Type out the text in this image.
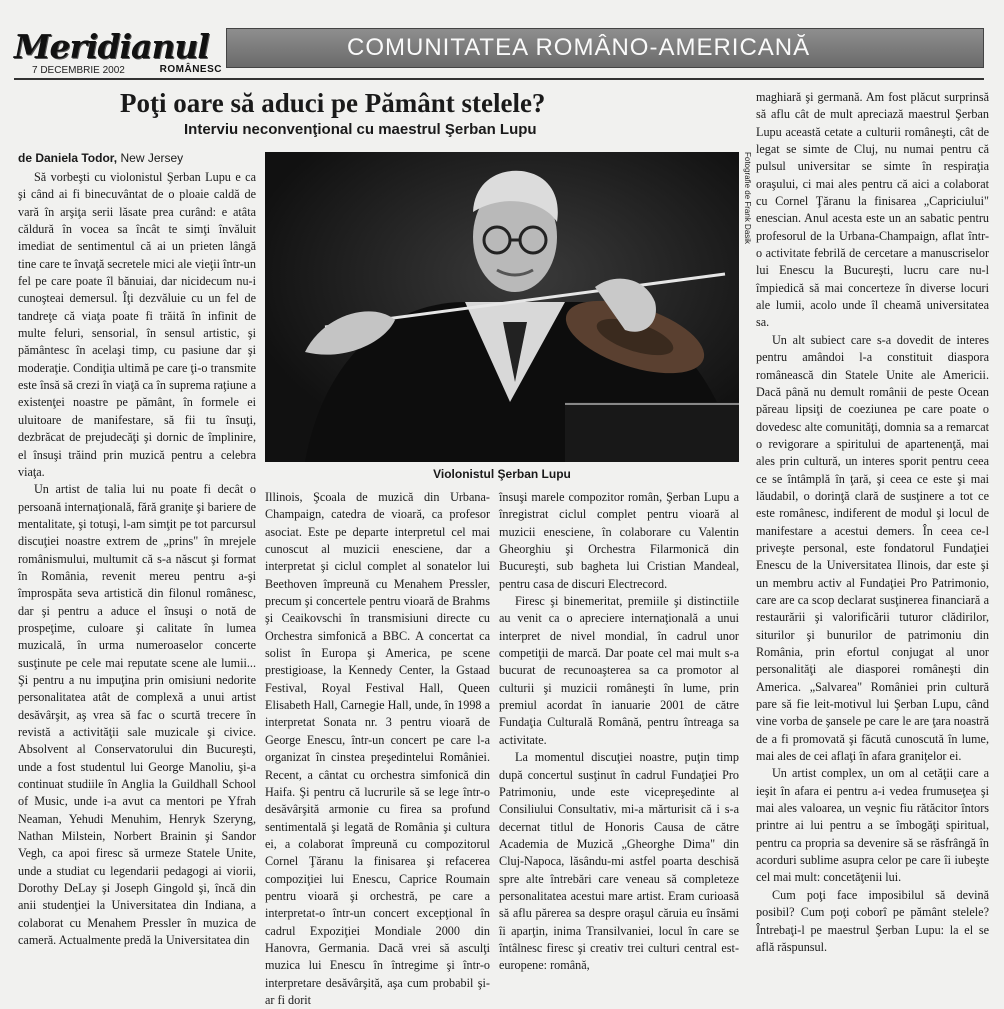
Meridianul
7 DECEMBRIE 2002	ROMÂNESC
COMUNITATEA ROMÂNO-AMERICANĂ
Poţi oare să aduci pe Pământ stelele?
Interviu neconvenţional cu maestrul Şerban Lupu
de Daniela Todor, New Jersey	Fotografie de Frank Dasik
Violonistul Şerban Lupu

Să vorbeşti cu violonistul Şerban Lupu e ca şi când ai fi binecuvântat de o ploaie caldă de vară în arşiţa serii lăsate prea curând: e atâta căldură în vocea sa încât te simţi învăluit imediat de sentimentul că ai un prieten lângă tine care te învaţă secretele mici ale vieţii într-un fel pe care poate îl bănuiai, dar nicidecum nu-i cunoşteai demersul. Îţi dezvăluie cu un fel de tandreţe că viaţa poate fi trăită în infinit de multe feluri, sensorial, în sensul artistic, şi pământesc în acelaşi timp, cu pasiune dar şi moderaţie. Condiţia ultimă pe care ţi-o transmite este însă să crezi în viaţă ca în suprema raţiune a existenţei noastre pe pământ, în formele ei uluitoare de manifestare, să fii tu însuţi, dezbrăcat de prejudecăţi şi dornic de împlinire, el însuşi trăind prin muzică pentru a celebra viaţa.

Un artist de talia lui nu poate fi decât o persoană internaţională, fără graniţe şi bariere de mentalitate, şi totuşi, l-am simţit pe tot parcursul discuţiei noastre extrem de „prins" în mrejele românismului, multumit că s-a născut şi format în România, revenit mereu pentru a-şi împrospăta seva artistică din filonul românesc, dar şi pentru a aduce el însuşi o notă de prospeţime, culoare şi calitate în lumea muzicală, în urma numeroaselor concerte susţinute pe cele mai reputate scene ale lumii... Şi pentru a nu impuţina prin omisiuni nedorite personalitatea atât de complexă a unui artist desăvârşit, aş vrea să fac o scurtă trecere în revistă a activităţii sale muzicale şi civice. Absolvent al Conservatorului din Bucureşti, unde a fost studentul lui George Manoliu, şi-a continuat studiile în Anglia la Guildhall School of Music, unde i-a avut ca mentori pe Yfrah Neaman, Yehudi Menuhim, Henryk Szeryng, Nathan Milstein, Norbert Brainin şi Sandor Vegh, ca apoi firesc să urmeze Statele Unite, unde a studiat cu legendarii pedagogi ai viorii, Dorothy DeLay şi Joseph Gingold şi, încă din anii studenţiei la Universitatea din Indiana, a colaborat cu Menahem Pressler în muzica de cameră. Actualmente predă la Universitatea din

Illinois, Şcoala de muzică din Urbana-Champaign, catedra de vioară, ca profesor asociat. Este pe departe interpretul cel mai cunoscut al muzicii enesciene, dar a interpretat şi ciclul complet al sonatelor lui Beethoven împreună cu Menahem Pressler, precum şi concertele pentru vioară de Brahms şi Ceaikovschi în transmisiuni directe cu Orchestra simfonică a BBC. A concertat ca solist în Europa şi America, pe scene prestigioase, la Kennedy Center, la Gstaad Festival, Royal Festival Hall, Queen Elisabeth Hall, Carnegie Hall, unde, în 1998 a interpretat Sonata nr. 3 pentru vioară de George Enescu, într-un concert pe care l-a organizat în cinstea preşedintelui României. Recent, a cântat cu orchestra simfonică din Haifa. Şi pentru că lucrurile să se lege într-o desăvârşită armonie cu firea sa profund sentimentală şi legată de România şi cultura ei, a colaborat împreună cu compozitorul Cornel Ţăranu la finisarea şi refacerea compoziţiei lui Enescu, Caprice Roumain pentru vioară şi orchestră, pe care a interpretat-o într-un concert excepţional în cadrul Expoziţiei Mondiale 2000 din Hanovra, Germania. Dacă vrei să asculţi muzica lui Enescu în întregime şi într-o interpretare desăvârşită, aşa cum probabil şi-ar fi dorit

însuşi marele compozitor român, Şerban Lupu a înregistrat ciclul complet pentru vioară al muzicii enesciene, în colaborare cu Valentin Gheorghiu şi Orchestra Filarmonică din Bucureşti, sub bagheta lui Cristian Mandeal, pentru casa de discuri Electrecord.

Firesc şi binemeritat, premiile şi distinctiile au venit ca o apreciere internaţională a unui interpret de nivel mondial, în cadrul unor competiţii de marcă. Dar poate cel mai mult s-a bucurat de recunoaşterea sa ca promotor al culturii şi muzicii româneşti în lume, prin premiul acordat în ianuarie 2001 de către Fundaţia Culturală Română, pentru întreaga sa activitate.

La momentul discuţiei noastre, puţin timp după concertul susţinut în cadrul Fundaţiei Pro Patrimoniu, unde este vicepreşedinte al Consiliului Consultativ, mi-a mărturisit că i s-a decernat titlul de Honoris Causa de către Academia de Muzică „Gheorghe Dima" din Cluj-Napoca, lăsându-mi astfel poarta deschisă spre alte întrebări care veneau să completeze personalitatea acestui mare artist. Eram curioasă să aflu părerea sa despre oraşul căruia eu însămi îi aparţin, inima Transilvaniei, locul în care se întâlnesc firesc şi creativ trei culturi central est-europene: română,

maghiară şi germană. Am fost plăcut surprinsă să aflu cât de mult apreciază maestrul Şerban Lupu această cetate a culturii româneşti, cât de legat se simte de Cluj, nu numai pentru că pulsul universitar se simte în respiraţia oraşului, ci mai ales pentru că aici a colaborat cu Cornel Ţăranu la finisarea „Capriciului" enescian. Anul acesta este un an sabatic pentru profesorul de la Urbana-Champaign, aflat într-o activitate febrilă de cercetare a manuscriselor lui Enescu la Bucureşti, lucru care nu-l împiedică să mai concerteze în diverse locuri ale lumii, acolo unde îl cheamă universitatea sa.

Un alt subiect care s-a dovedit de interes pentru amândoi l-a constituit diaspora românească din Statele Unite ale Americii. Dacă până nu demult românii de peste Ocean păreau lipsiţi de coeziunea pe care poate o dovedesc alte comunităţi, domnia sa a remarcat o revigorare a spiritului de apartenenţă, mai ales prin cultură, un interes sporit pentru ceea ce se întâmplă în ţară, şi ceea ce este şi mai lăudabil, o dorinţă clară de susţinere a tot ce este românesc, indiferent de modul şi locul de manifestare a acestui demers. În ceea ce-l priveşte personal, este fondatorul Fundaţiei Enescu de la Universitatea Ilinois, dar este şi un membru activ al Fundaţiei Pro Patrimonio, care are ca scop declarat susţinerea financiară a restaurării şi valorificării tuturor clădirilor, siturilor şi bunurilor de patrimoniu din România, prin efortul conjugat al unor personalităţi ale diasporei româneşti din America. „Salvarea" României prin cultură pare să fie leit-motivul lui Şerban Lupu, când vine vorba de şansele pe care le are ţara noastră de a fi promovată şi făcută cunoscută în lume, mai ales de cei aflaţi în afara graniţelor ei.

Un artist complex, un om al cetăţii care a ieşit în afara ei pentru a-i vedea frumuseţea şi mai ales valoarea, un veşnic fiu rătăcitor întors printre ai lui pentru a se îmbogăţi spiritual, pentru ca propria sa devenire să se răsfrângă în acorduri sublime asupra celor pe care îi iubeşte cel mai mult: concetăţenii lui.

Cum poţi face imposibilul să devină posibil? Cum poţi coborî pe pământ stelele? Întrebaţi-l pe maestrul Şerban Lupu: la el se află răspunsul.
